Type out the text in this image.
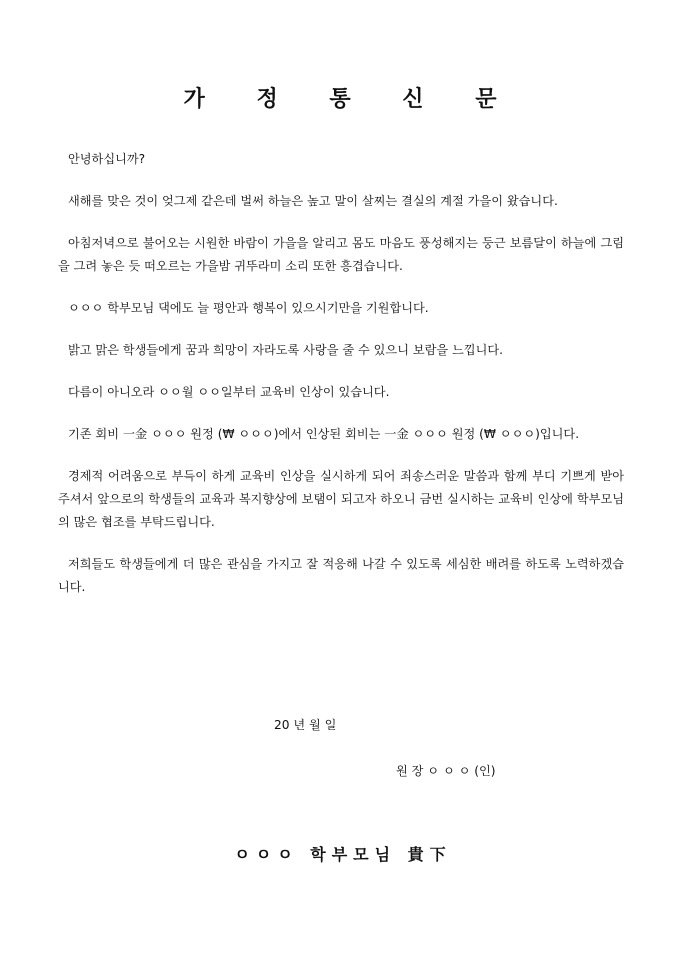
가 정 통 신 문

안녕하십니까?

새해를 맞은 것이 엊그제 같은데 벌써 하늘은 높고 말이 살찌는 결실의 계절 가을이 왔습니다.

아침저녁으로 불어오는 시원한 바람이 가을을 알리고 몸도 마음도 풍성해지는 둥근 보름달이 하늘에 그림을 그려 놓은 듯 떠오르는 가을밤 귀뚜라미 소리 또한 흥겹습니다.

ㅇㅇㅇ 학부모님 댁에도 늘 평안과 행복이 있으시기만을 기원합니다.

밝고 맑은 학생들에게 꿈과 희망이 자라도록 사랑을 줄 수 있으니 보람을 느낍니다.

다름이 아니오라 ㅇㅇ월 ㅇㅇ일부터 교육비 인상이 있습니다.

기존 회비 一金 ㅇㅇㅇ 원정 (₩ ㅇㅇㅇ)에서 인상된 회비는 一金 ㅇㅇㅇ 원정 (₩ ㅇㅇㅇ)입니다.

경제적 어려움으로 부득이 하게 교육비 인상을 실시하게 되어 죄송스러운 말씀과 함께 부디 기쁘게 받아주셔서 앞으로의 학생들의 교육과 복지향상에 보탬이 되고자 하오니 금번 실시하는 교육비 인상에 학부모님의 많은 협조를 부탁드립니다.

저희들도 학생들에게 더 많은 관심을 가지고 잘 적응해 나갈 수 있도록 세심한 배려를 하도록 노력하겠습니다.

20 년 월 일
원 장 ㅇ ㅇ ㅇ (인)
ㅇㅇㅇ 학부모님 貴下
